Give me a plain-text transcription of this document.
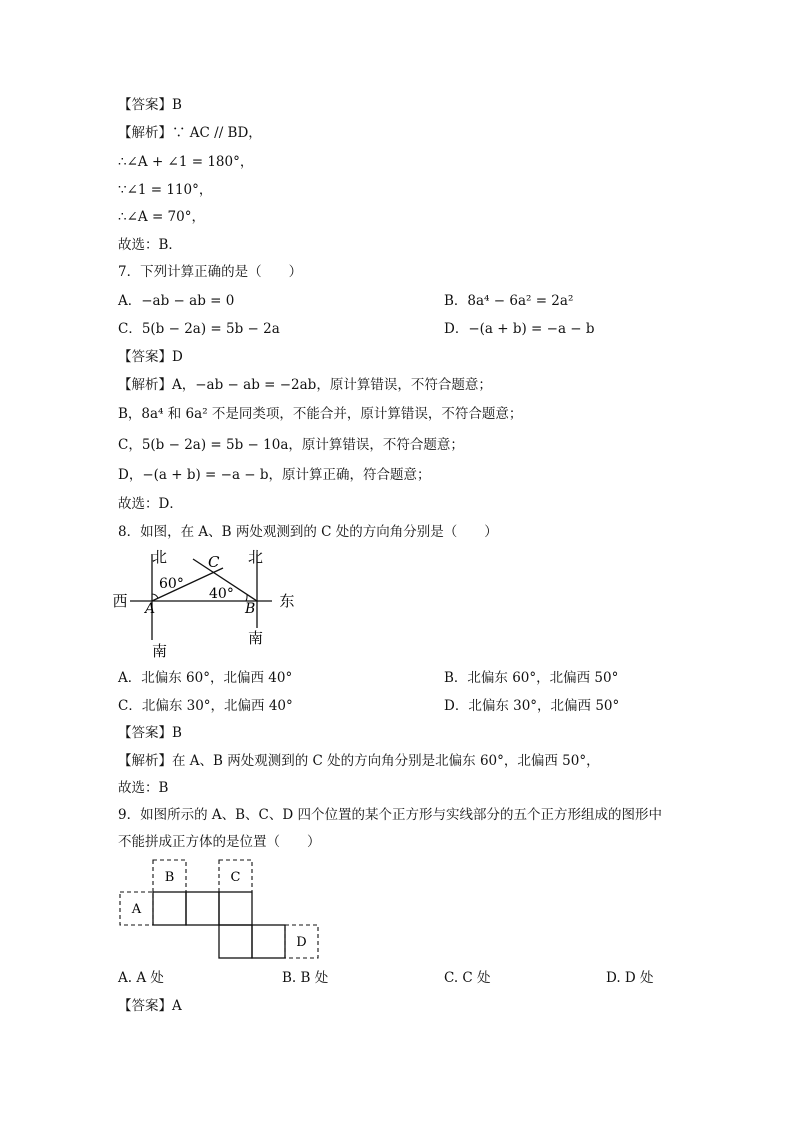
【答案】B
【解析】∵ AC // BD，
∴∠A + ∠1 = 180°，
∵∠1 = 110°，
∴∠A = 70°，
故选：B．
7．下列计算正确的是（　　）
A．−ab − ab = 0	B．8a⁴ − 6a² = 2a²
C．5(b − 2a) = 5b − 2a	D．−(a + b) = −a − b
【答案】D
【解析】A，−ab − ab = −2ab，原计算错误，不符合题意；
B，8a⁴ 和 6a² 不是同类项，不能合并，原计算错误，不符合题意；
C，5(b − 2a) = 5b − 10a，原计算错误，不符合题意；
D，−(a + b) = −a − b，原计算正确，符合题意；
故选：D．
8．如图，在 A、B 两处观测到的 C 处的方向角分别是（　　）
北	北
西	东
南
南
A	B
C
60°
40°
A．北偏东 60°，北偏西 40°	B．北偏东 60°，北偏西 50°
C．北偏东 30°，北偏西 40°	D．北偏东 30°，北偏西 50°
【答案】B
【解析】在 A、B 两处观测到的 C 处的方向角分别是北偏东 60°，北偏西 50°，
故选：B
9．如图所示的 A、B、C、D 四个位置的某个正方形与实线部分的五个正方形组成的图形中
不能拼成正方体的是位置（　　）
A
B	C
D
A. A 处	B. B 处	C. C 处	D. D 处
【答案】A
